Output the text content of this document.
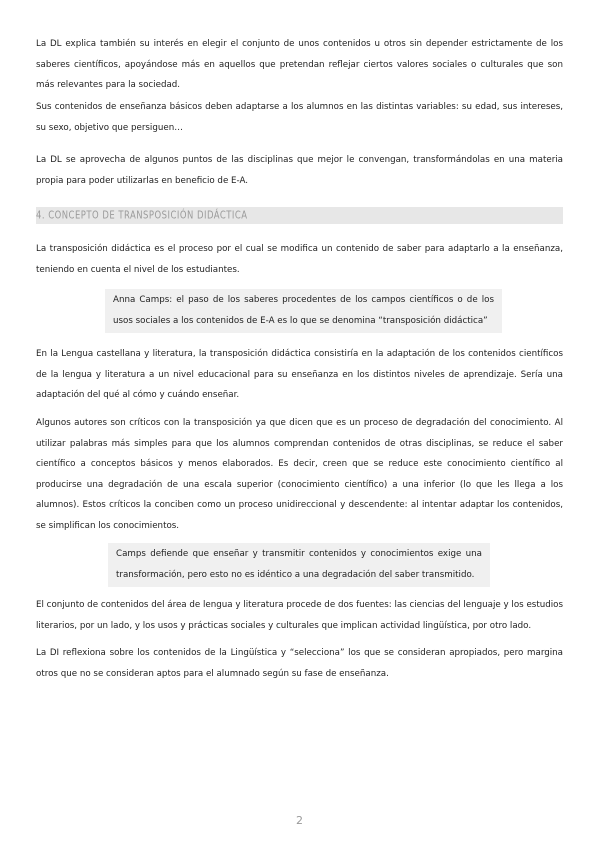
La DL explica también su interés en elegir el conjunto de unos contenidos u otros sin depender estrictamente de los saberes científicos, apoyándose más en aquellos que pretendan reflejar ciertos valores sociales o culturales que son más relevantes para la sociedad.

Sus contenidos de enseñanza básicos deben adaptarse a los alumnos en las distintas variables: su edad, sus intereses, su sexo, objetivo que persiguen…

La DL se aprovecha de algunos puntos de las disciplinas que mejor le convengan, transformándolas en una materia propia para poder utilizarlas en beneficio de E-A.

4. CONCEPTO DE TRANSPOSICIÓN DIDÁCTICA

La transposición didáctica es el proceso por el cual se modifica un contenido de saber para adaptarlo a la enseñanza, teniendo en cuenta el nivel de los estudiantes.

Anna Camps: el paso de los saberes procedentes de los campos científicos o de los usos sociales a los contenidos de E-A es lo que se denomina “transposición didáctica”

En la Lengua castellana y literatura, la transposición didáctica consistiría en la adaptación de los contenidos científicos de la lengua y literatura a un nivel educacional para su enseñanza en los distintos niveles de aprendizaje. Sería una adaptación del qué al cómo y cuándo enseñar.

Algunos autores son críticos con la transposición ya que dicen que es un proceso de degradación del conocimiento. Al utilizar palabras más simples para que los alumnos comprendan contenidos de otras disciplinas, se reduce el saber científico a conceptos básicos y menos elaborados. Es decir, creen que se reduce este conocimiento científico al producirse una degradación de una escala superior (conocimiento científico) a una inferior (lo que les llega a los alumnos). Estos críticos la conciben como un proceso unidireccional y descendente: al intentar adaptar los contenidos, se simplifican los conocimientos.

Camps defiende que enseñar y transmitir contenidos y conocimientos exige una transformación, pero esto no es idéntico a una degradación del saber transmitido.

El conjunto de contenidos del área de lengua y literatura procede de dos fuentes: las ciencias del lenguaje y los estudios literarios, por un lado, y los usos y prácticas sociales y culturales que implican actividad lingüística, por otro lado.

La DI reflexiona sobre los contenidos de la Lingüística y “selecciona” los que se consideran apropiados, pero margina otros que no se consideran aptos para el alumnado según su fase de enseñanza.

2
